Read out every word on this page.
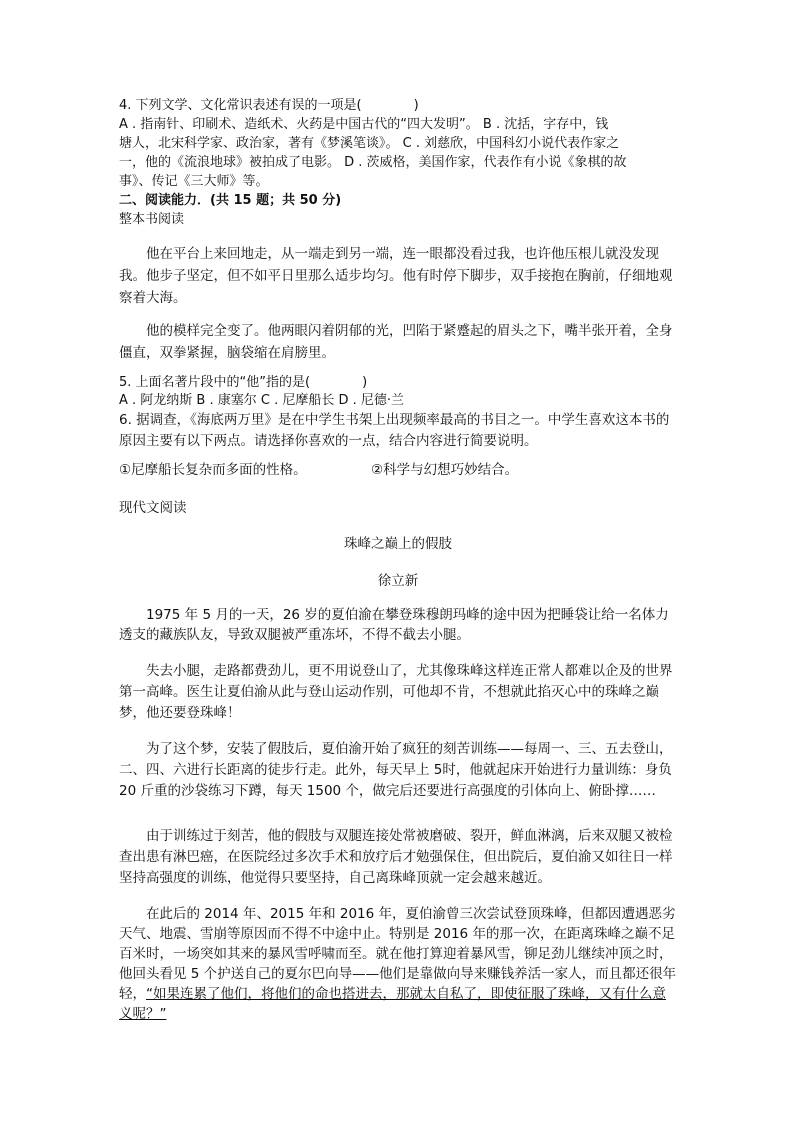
4. 下列文学、文化常识表述有误的一项是(　　　　)

A . 指南针、印刷术、造纸术、火药是中国古代的“四大发明”。 B . 沈括，字存中，钱

塘人，北宋科学家、政治家，著有《梦溪笔谈》。 C . 刘慈欣，中国科幻小说代表作家之

一，他的《流浪地球》被拍成了电影。 D . 茨威格，美国作家，代表作有小说《象棋的故

事》、传记《三大师》等。

二、阅读能力．(共 15 题；共 50 分)

整本书阅读

他在平台上来回地走，从一端走到另一端，连一眼都没看过我，也许他压根儿就没发现我。他步子坚定，但不如平日里那么适步均匀。他有时停下脚步，双手接抱在胸前，仔细地观察着大海。

他的模样完全变了。他两眼闪着阴郁的光，凹陷于紧蹙起的眉头之下，嘴半张开着，全身僵直，双拳紧握，脑袋缩在肩膀里。

5. 上面名著片段中的“他”指的是(　　　　)

A . 阿龙纳斯 B . 康塞尔 C . 尼摩船长 D . 尼德·兰

6. 据调查，《海底两万里》是在中学生书架上出现频率最高的书目之一。中学生喜欢这本书的原因主要有以下两点。请选择你喜欢的一点，结合内容进行简要说明。

①尼摩船长复杂而多面的性格。	②科学与幻想巧妙结合。

现代文阅读

珠峰之巅上的假肢

徐立新

1975 年 5 月的一天，26 岁的夏伯渝在攀登珠穆朗玛峰的途中因为把睡袋让给一名体力透支的藏族队友，导致双腿被严重冻坏，不得不截去小腿。

失去小腿，走路都费劲儿，更不用说登山了，尤其像珠峰这样连正常人都难以企及的世界第一高峰。医生让夏伯渝从此与登山运动作别，可他却不肯，不想就此掐灭心中的珠峰之巅梦，他还要登珠峰！

为了这个梦，安装了假肢后，夏伯渝开始了疯狂的刻苦训练——每周一、三、五去登山，二、四、六进行长距离的徒步行走。此外，每天早上 5时，他就起床开始进行力量训练：身负 20 斤重的沙袋练习下蹲，每天 1500 个，做完后还要进行高强度的引体向上、俯卧撑……

由于训练过于刻苦，他的假肢与双腿连接处常被磨破、裂开，鲜血淋漓，后来双腿又被检查出患有淋巴癌，在医院经过多次手术和放疗后才勉强保住，但出院后，夏伯渝又如往日一样坚持高强度的训练，他觉得只要坚持，自己离珠峰顶就一定会越来越近。

在此后的 2014 年、2015 年和 2016 年，夏伯渝曾三次尝试登顶珠峰，但都因遭遇恶劣天气、地震、雪崩等原因而不得不中途中止。特别是 2016 年的那一次，在距离珠峰之巅不足百米时，一场突如其来的暴风雪呼啸而至。就在他打算迎着暴风雪，铆足劲儿继续冲顶之时，他回头看见 5 个护送自己的夏尔巴向导——他们是靠做向导来赚钱养活一家人，而且都还很年轻，“如果连累了他们，将他们的命也搭进去，那就太自私了，即使征服了珠峰，又有什么意义呢？”
